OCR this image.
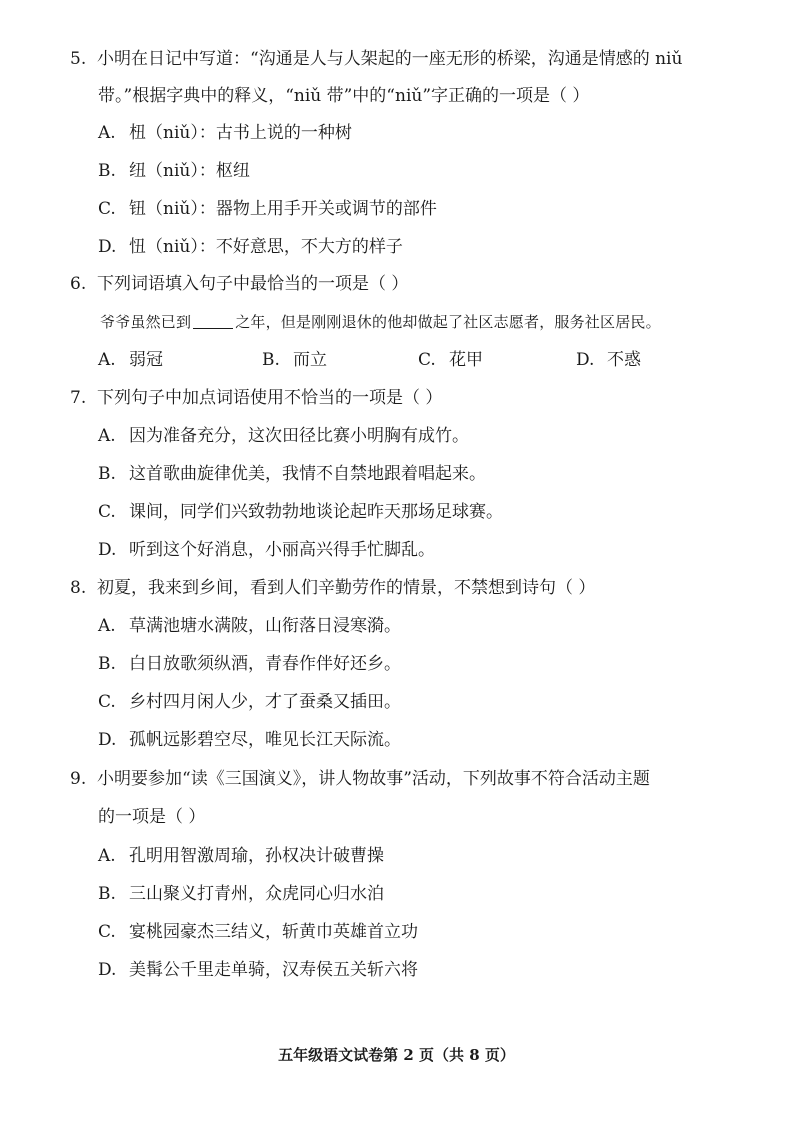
5. 小明在日记中写道：“沟通是人与人架起的一座无形的桥梁，沟通是情感的 niǔ
带。”根据字典中的释义，“niǔ 带”中的“niǔ”字正确的一项是（ ）
A. 杻（niǔ）：古书上说的一种树
B. 纽（niǔ）：枢纽
C. 钮（niǔ）：器物上用手开关或调节的部件
D. 忸（niǔ）：不好意思，不大方的样子
6. 下列词语填入句子中最恰当的一项是（ ）
爷爷虽然已到	之年，但是刚刚退休的他却做起了社区志愿者，服务社区居民。
A. 弱冠	B. 而立	C. 花甲	D. 不惑
7. 下列句子中加点词语使用不恰当的一项是（ ）
A. 因为准备充分，这次田径比赛小明胸有成竹。
B. 这首歌曲旋律优美，我情不自禁地跟着唱起来。
C. 课间，同学们兴致勃勃地谈论起昨天那场足球赛。
D. 听到这个好消息，小丽高兴得手忙脚乱。
8. 初夏，我来到乡间，看到人们辛勤劳作的情景，不禁想到诗句（ ）
A. 草满池塘水满陂，山衔落日浸寒漪。
B. 白日放歌须纵酒，青春作伴好还乡。
C. 乡村四月闲人少，才了蚕桑又插田。
D. 孤帆远影碧空尽，唯见长江天际流。
9. 小明要参加“读《三国演义》，讲人物故事”活动，下列故事不符合活动主题
的一项是（ ）
A. 孔明用智激周瑜，孙权决计破曹操
B. 三山聚义打青州，众虎同心归水泊
C. 宴桃园豪杰三结义，斩黄巾英雄首立功
D. 美髯公千里走单骑，汉寿侯五关斩六将
五年级语文试卷第 2 页（共 8 页）
